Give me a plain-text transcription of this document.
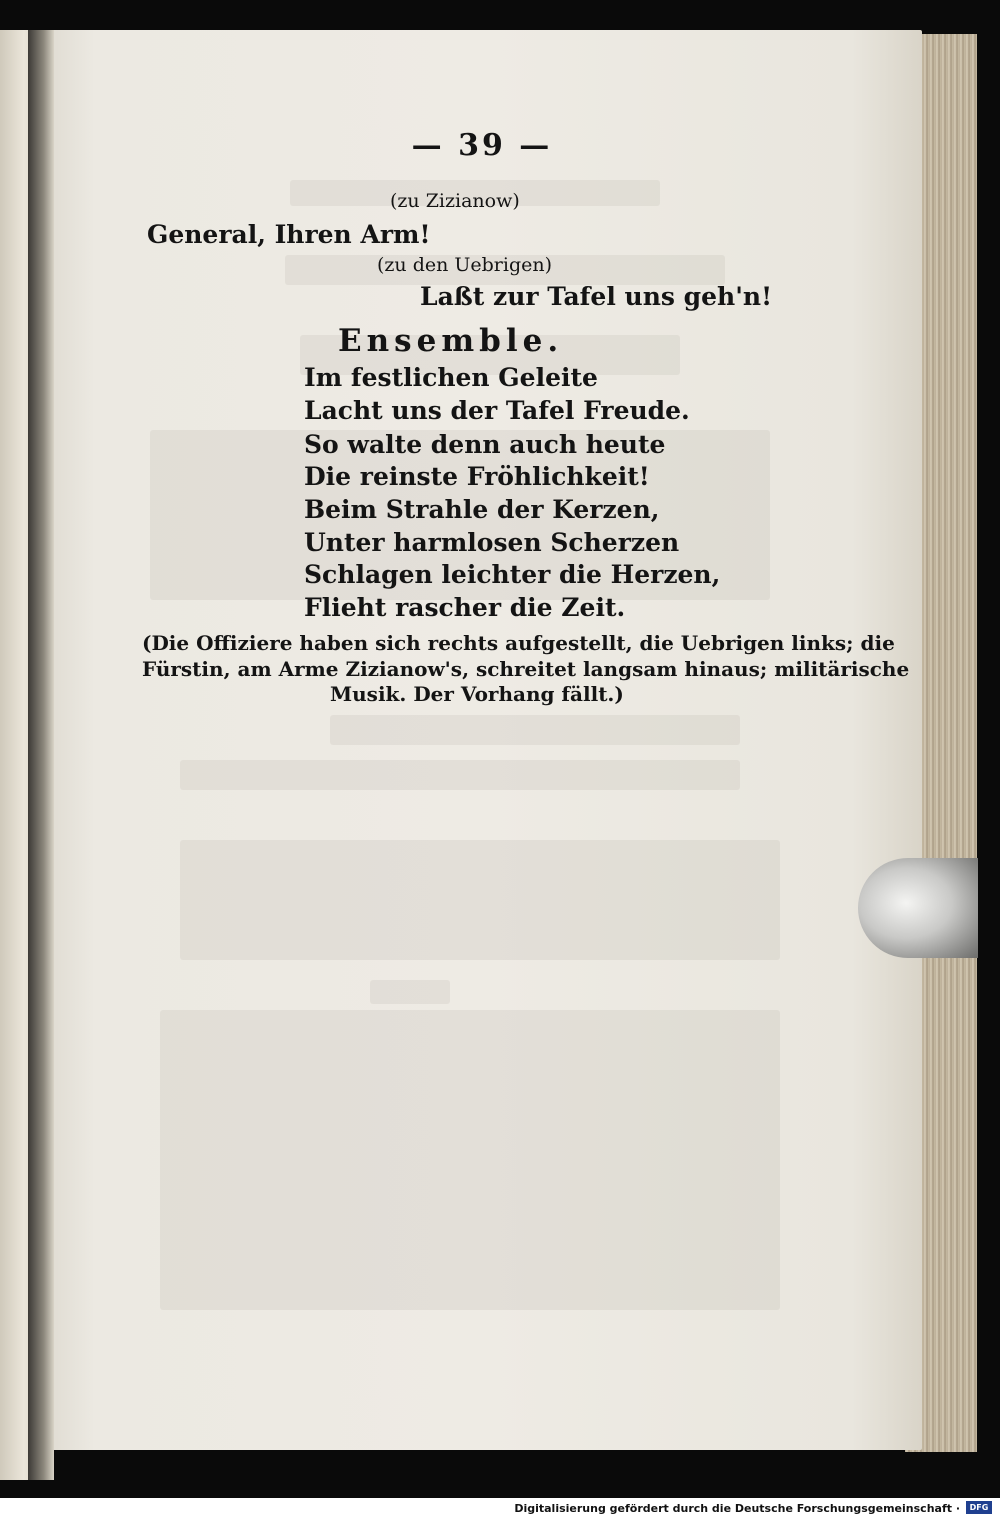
— 39 —
(zu Zizianow)
General, Ihren Arm!
(zu den Uebrigen)
Laßt zur Tafel uns geh'n!
Ensemble.
Im festlichen Geleite
Lacht uns der Tafel Freude.
So walte denn auch heute
Die reinste Fröhlichkeit!
Beim Strahle der Kerzen,
Unter harmlosen Scherzen
Schlagen leichter die Herzen,
Flieht rascher die Zeit.
(Die Offiziere haben sich rechts aufgestellt, die Uebrigen links; die
Fürstin, am Arme Zizianow's, schreitet langsam hinaus; militärische
Musik. Der Vorhang fällt.)
Digitalisierung gefördert durch die Deutsche Forschungsgemeinschaft ·	DFG
